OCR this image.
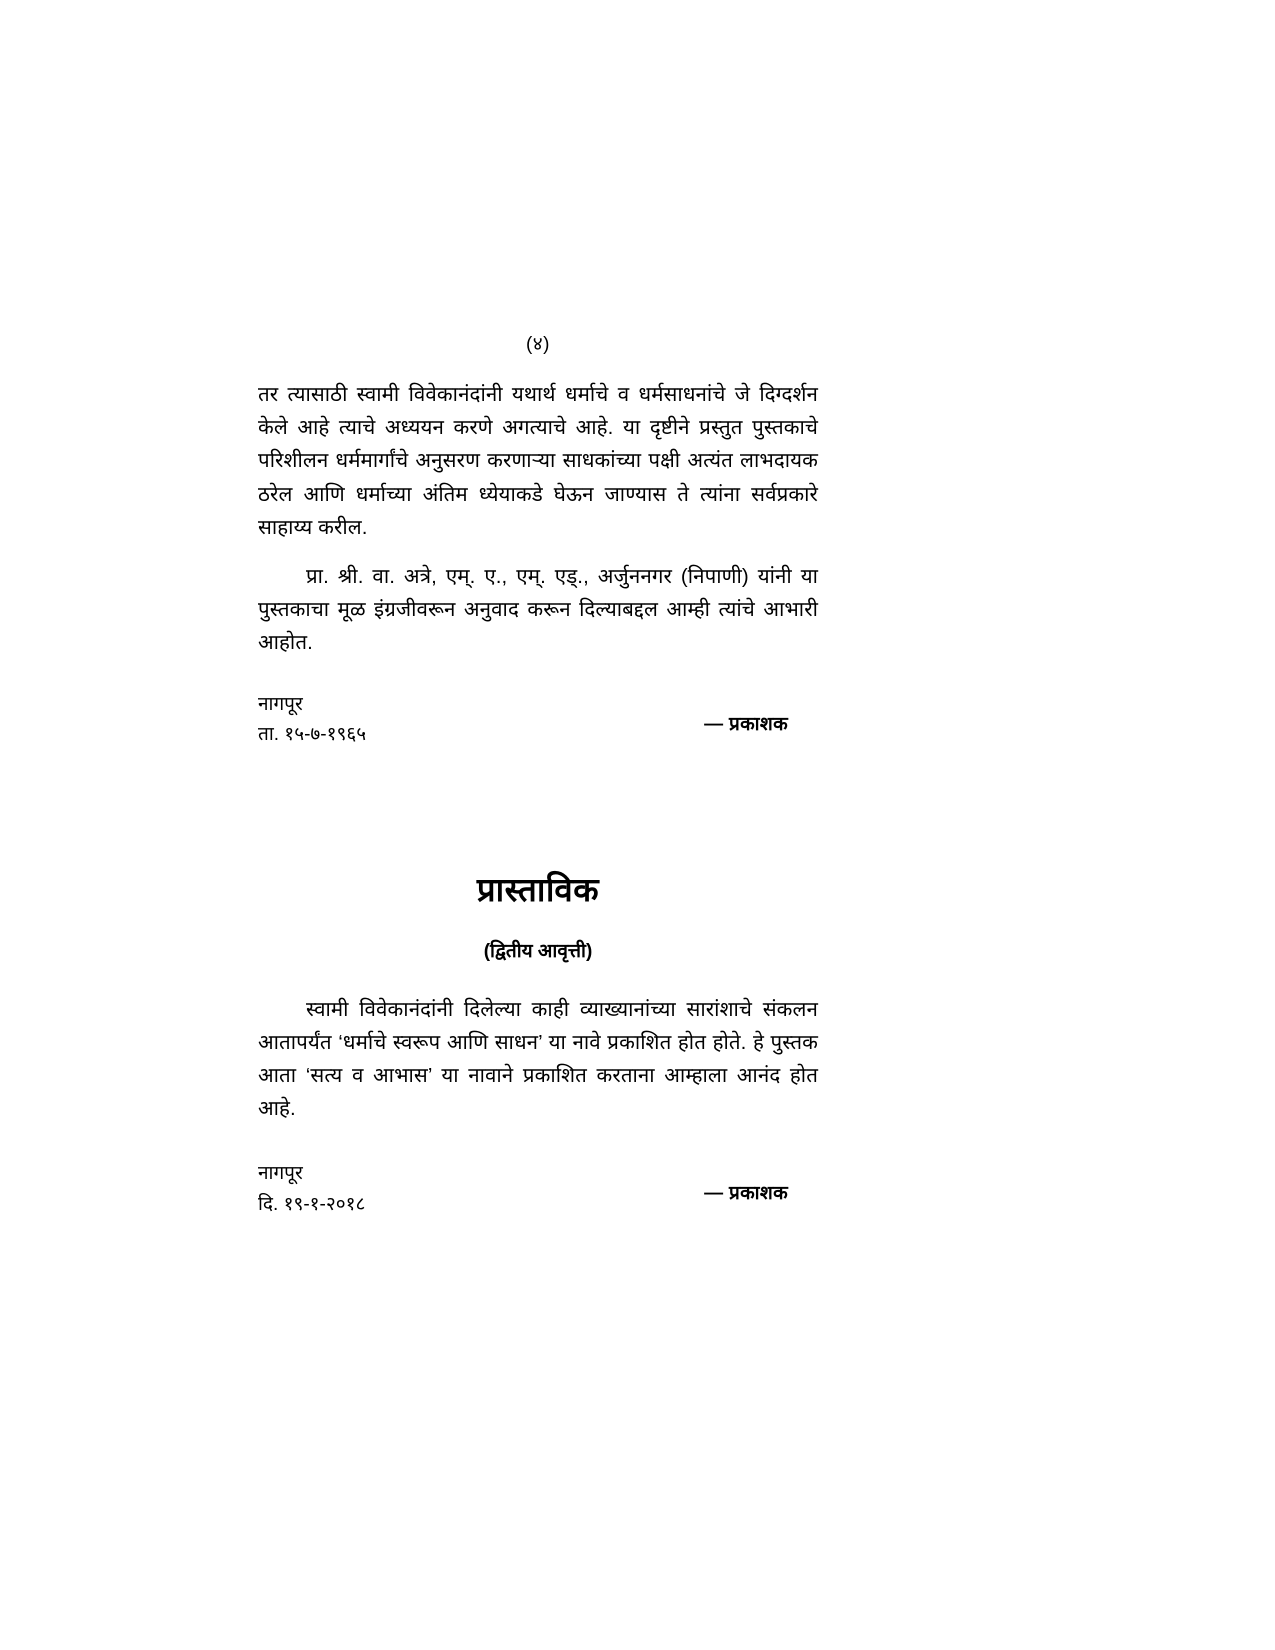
(४)

तर त्यासाठी स्वामी विवेकानंदांनी यथार्थ धर्माचे व धर्मसाधनांचे जे दिग्दर्शन केले आहे त्याचे अध्ययन करणे अगत्याचे आहे. या दृष्टीने प्रस्तुत पुस्तकाचे परिशीलन धर्ममार्गांचे अनुसरण करणाऱ्या साधकांच्या पक्षी अत्यंत लाभदायक ठरेल आणि धर्माच्या अंतिम ध्येयाकडे घेऊन जाण्यास ते त्यांना सर्वप्रकारे साहाय्य करील.

प्रा. श्री. वा. अत्रे, एम्. ए., एम्. एड्., अर्जुननगर (निपाणी) यांनी या पुस्तकाचा मूळ इंग्रजीवरून अनुवाद करून दिल्याबद्दल आम्ही त्यांचे आभारी आहोत.

नागपूर
ता. १५-७-१९६५	— प्रकाशक
प्रास्ताविक
(द्वितीय आवृत्ती)

स्वामी विवेकानंदांनी दिलेल्या काही व्याख्यानांच्या सारांशाचे संकलन आतापर्यंत ‘धर्माचे स्वरूप आणि साधन’ या नावे प्रकाशित होत होते. हे पुस्तक आता ‘सत्य व आभास’ या नावाने प्रकाशित करताना आम्हाला आनंद होत आहे.

नागपूर
दि. १९-१-२०१८	— प्रकाशक
